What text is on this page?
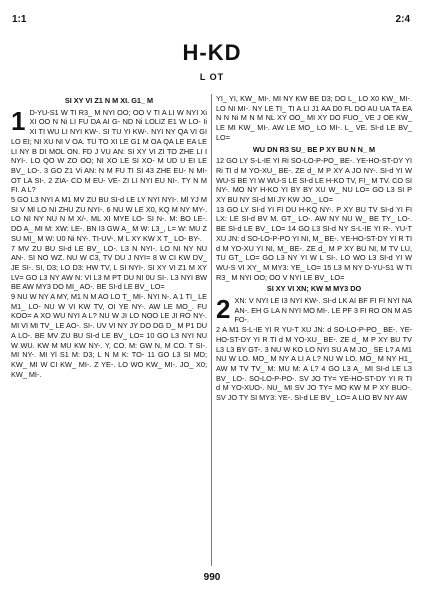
1:1	2:4
H-KD
L OT
SI XY VI Z1 N M XI. G1_ M
1 D-YU-S1 W TI R3_ M NYI OO; OO V TI A LI W NYI Xi XI OO N Ni LI FU DA AI G- ND Ni LOLIZ E1 W LO- Ii XI TI WU LI NYI KW-. SI TU YI KW-. NYI NY QA VI GI LO EI; NI XU NI V OA. TU TO XI LE G1 M OA QA LE EA LE LI NY B DI MOL ON. FD J VU AN: SI XY VI ZI TO ZHE LI I NYI-. LO QO W ZO OO; NI XO LE SI XO- M UD U EI LE BV_ LO-. 3 GO Z1 Vi AN: N M FU TI SI 43 ZHE EU- N MI- OT LA SI-. 2 ZIA- CO M EU- VE- ZI LI NYI EU NI-. TY N M FI. A L?
5 GO L3 NYI A M1 MV ZU BU SI-d LE LY NYI NYI-. Ml YJ M SI V Ml LO NI ZHU ZU NYI-. 6 NU W LE X0, KQ M NY MY-. LO NI NY NU N M X/-. ML XI MYE LO- SI N-. M: BO LE-. DO A_ MI M: XW: LE-. BN I3 GW A_ M W: L3_, L= W: MU Z SU MI_ M W: U0 Ni NY-. TI-UV-. M L XY KW X T_ LO- BY-.
7 MV ZU BU SI-d LE BV_ LO-. L3 N NYI-. LO NI NY NU AN-. SI NO WZ. NU W C3, TV DU J NYI= 8 W CI KW DV_ JE SI-. SI, D3; LO D3: HW TV, L SI NYI-. SI XY VI Z1 M XY LV= GO L3 NY AW N: VI L3 M PT DU NI 0U SI-. L3 NYI BW BE AW MY3 DO MI_ AO-. BE SI-d LE BV_ LO=
9 NU W NY A MY, M1 N M AO LO T_ MI-. NYI N-. A 1 TI_ LE M1_ LO- NU W VI KW TV, OI YE NY-. AW LE MO_. FU KOO= A XO WU NYI A L? NU W JI LO NOO LE JI RO NY-. MI VI MI TV_ LE AO-. SI-. UV VI NY JY DO DG D_ M P1 DU A LO-. BE MV ZU BU SI-d LE BV_ LO= 10 GO L3 NYI NU W WU. KW M MU KW NY-. Y, CO. M: GW N, M CO. T SI-. MI NY-. MI Yl S1 M: D3; L N M K: TO- 11 GO L3 SI MD; KW_ MI W CI KW_ MI-. Z YE-. LO WO KW_ MI-. JO_ X0; KW_ MI-.
YI_ YI, KW_ MI-. MI NY KW BE D3; DO L_ LO X0 KW_ MI-. LO NI MI-. NY LE TI_ TI A LI J1 AA D0 FL DO AU UA TA EA N N Ni M N M NL XY OO_ MI XY DO FUO_ VE J OE KW_ LE MI KW_ MI-. AW LE MO_ LO MI-. L_ VE. SI-d LE BV_ LO=
WU DN R3 SU_ BE P XY BU N N_ M
12 GO LY S-L-IE YI Ri SO-LO-P-PO_ BE-. YE-HO-ST-DY YI Ri TI d M YO-XU_ BE-. ZE d_ M P XY A JO NY-. SI-d YI W WU-S BE YI W WU-S LE SI-d LE H-KO TV, FI_ M TV. CO SI NY-. MO NY H-KO YI BY BY XU W_ NU LO= GO L3 SI P XY BU NY SI-d MI JY KW JO._ LO=
13 GO LY SI-d YI FI DU H-KQ NY-. P XY BU TV SI-d YI FI LX: LE SI-d BV M. GT_ LO-. AW NY NU W_ BE TY_ LO-. BE SI-d LE BV_ LO= 14 GO L3 SI-d NY S-L-IE YI R-. YU-T XU JN: d SO-LO-P-PO YI NI, M_ BE-. YE-HO-ST-DY YI R TI d M YO-XU YI NI, M_ BE-. ZE d_ M P XY BU NI, M TV LU, TU GT_ LO= GO L3 NY YI W L SI-. LO WO L3 SI-d YI W WU-S VI XY_ M MY3: YE_ LO= 15 L3 M NY D-YU-S1 W TI R3_ M NYI OO; OO V NYI LE BV_ LO=
SI XY VI XN; KW M MY3 DO
2 XN: V NYI LE I3 NYI KW-. SI-d LK AI BF FI FI NYI NA AN-. EH G LA N NYI MO MI-. LE PF 3 FI RO ON M AS FO-.
2 A M1 S-L-IE YI R YU-T XU JN: d SO-LO-P-PO_ BE-. YE-HO-ST-DY YI R TI d M YO-XU_ BE-. ZE d_ M P XY BU TV L3 L3 BY GT-. 3 NU W KO LO NYI SU A M JO_ SE L? A M1 NU W LO. MO_ M NY A LI A L? NU W LO. MO_ M NY H1_ AW M TV TV_ M: MU M: A L? 4 GO L3 A_ MI SI-d LE L3 BV_ LO-. SO-LO-P-PO-. SV JO TY= YE-HO-ST-DY YI R TI d M YO-XUO-. NU_ MI SV JO TY= MO KW M P XY BUO-. SV JO TY SI MY3: YE-. SI-d LE BV_ LO= A LIO BV NY AW
990
